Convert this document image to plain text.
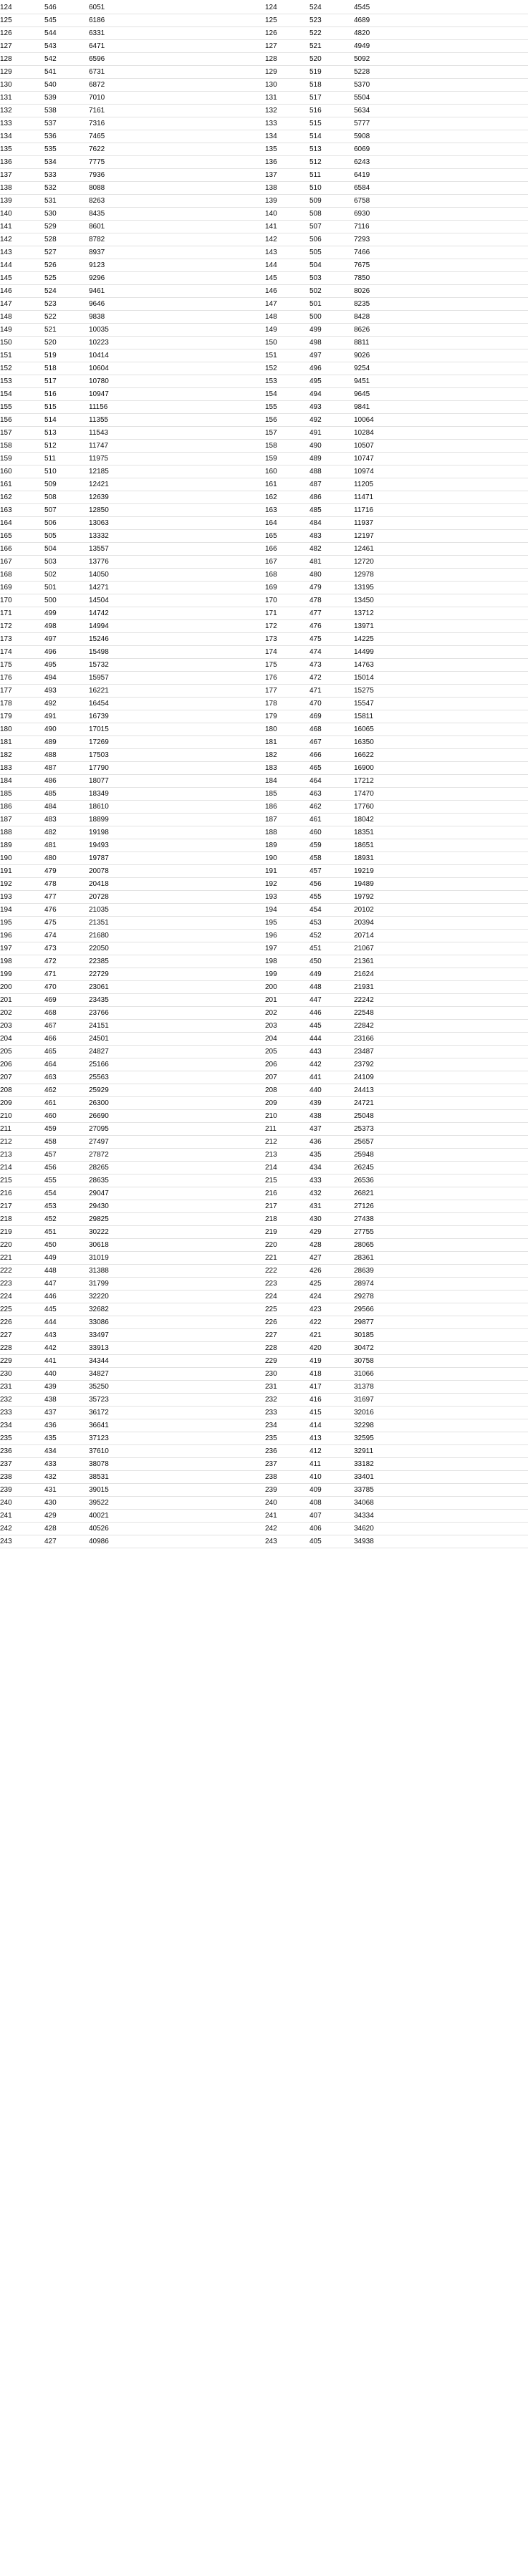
124	546	6051	124	524	4545
125	545	6186	125	523	4689
126	544	6331	126	522	4820
127	543	6471	127	521	4949
128	542	6596	128	520	5092
129	541	6731	129	519	5228
130	540	6872	130	518	5370
131	539	7010	131	517	5504
132	538	7161	132	516	5634
133	537	7316	133	515	5777
134	536	7465	134	514	5908
135	535	7622	135	513	6069
136	534	7775	136	512	6243
137	533	7936	137	511	6419
138	532	8088	138	510	6584
139	531	8263	139	509	6758
140	530	8435	140	508	6930
141	529	8601	141	507	7116
142	528	8782	142	506	7293
143	527	8937	143	505	7466
144	526	9123	144	504	7675
145	525	9296	145	503	7850
146	524	9461	146	502	8026
147	523	9646	147	501	8235
148	522	9838	148	500	8428
149	521	10035	149	499	8626
150	520	10223	150	498	8811
151	519	10414	151	497	9026
152	518	10604	152	496	9254
153	517	10780	153	495	9451
154	516	10947	154	494	9645
155	515	11156	155	493	9841
156	514	11355	156	492	10064
157	513	11543	157	491	10284
158	512	11747	158	490	10507
159	511	11975	159	489	10747
160	510	12185	160	488	10974
161	509	12421	161	487	11205
162	508	12639	162	486	11471
163	507	12850	163	485	11716
164	506	13063	164	484	11937
165	505	13332	165	483	12197
166	504	13557	166	482	12461
167	503	13776	167	481	12720
168	502	14050	168	480	12978
169	501	14271	169	479	13195
170	500	14504	170	478	13450
171	499	14742	171	477	13712
172	498	14994	172	476	13971
173	497	15246	173	475	14225
174	496	15498	174	474	14499
175	495	15732	175	473	14763
176	494	15957	176	472	15014
177	493	16221	177	471	15275
178	492	16454	178	470	15547
179	491	16739	179	469	15811
180	490	17015	180	468	16065
181	489	17269	181	467	16350
182	488	17503	182	466	16622
183	487	17790	183	465	16900
184	486	18077	184	464	17212
185	485	18349	185	463	17470
186	484	18610	186	462	17760
187	483	18899	187	461	18042
188	482	19198	188	460	18351
189	481	19493	189	459	18651
190	480	19787	190	458	18931
191	479	20078	191	457	19219
192	478	20418	192	456	19489
193	477	20728	193	455	19792
194	476	21035	194	454	20102
195	475	21351	195	453	20394
196	474	21680	196	452	20714
197	473	22050	197	451	21067
198	472	22385	198	450	21361
199	471	22729	199	449	21624
200	470	23061	200	448	21931
201	469	23435	201	447	22242
202	468	23766	202	446	22548
203	467	24151	203	445	22842
204	466	24501	204	444	23166
205	465	24827	205	443	23487
206	464	25166	206	442	23792
207	463	25563	207	441	24109
208	462	25929	208	440	24413
209	461	26300	209	439	24721
210	460	26690	210	438	25048
211	459	27095	211	437	25373
212	458	27497	212	436	25657
213	457	27872	213	435	25948
214	456	28265	214	434	26245
215	455	28635	215	433	26536
216	454	29047	216	432	26821
217	453	29430	217	431	27126
218	452	29825	218	430	27438
219	451	30222	219	429	27755
220	450	30618	220	428	28065
221	449	31019	221	427	28361
222	448	31388	222	426	28639
223	447	31799	223	425	28974
224	446	32220	224	424	29278
225	445	32682	225	423	29566
226	444	33086	226	422	29877
227	443	33497	227	421	30185
228	442	33913	228	420	30472
229	441	34344	229	419	30758
230	440	34827	230	418	31066
231	439	35250	231	417	31378
232	438	35723	232	416	31697
233	437	36172	233	415	32016
234	436	36641	234	414	32298
235	435	37123	235	413	32595
236	434	37610	236	412	32911
237	433	38078	237	411	33182
238	432	38531	238	410	33401
239	431	39015	239	409	33785
240	430	39522	240	408	34068
241	429	40021	241	407	34334
242	428	40526	242	406	34620
243	427	40986	243	405	34938
